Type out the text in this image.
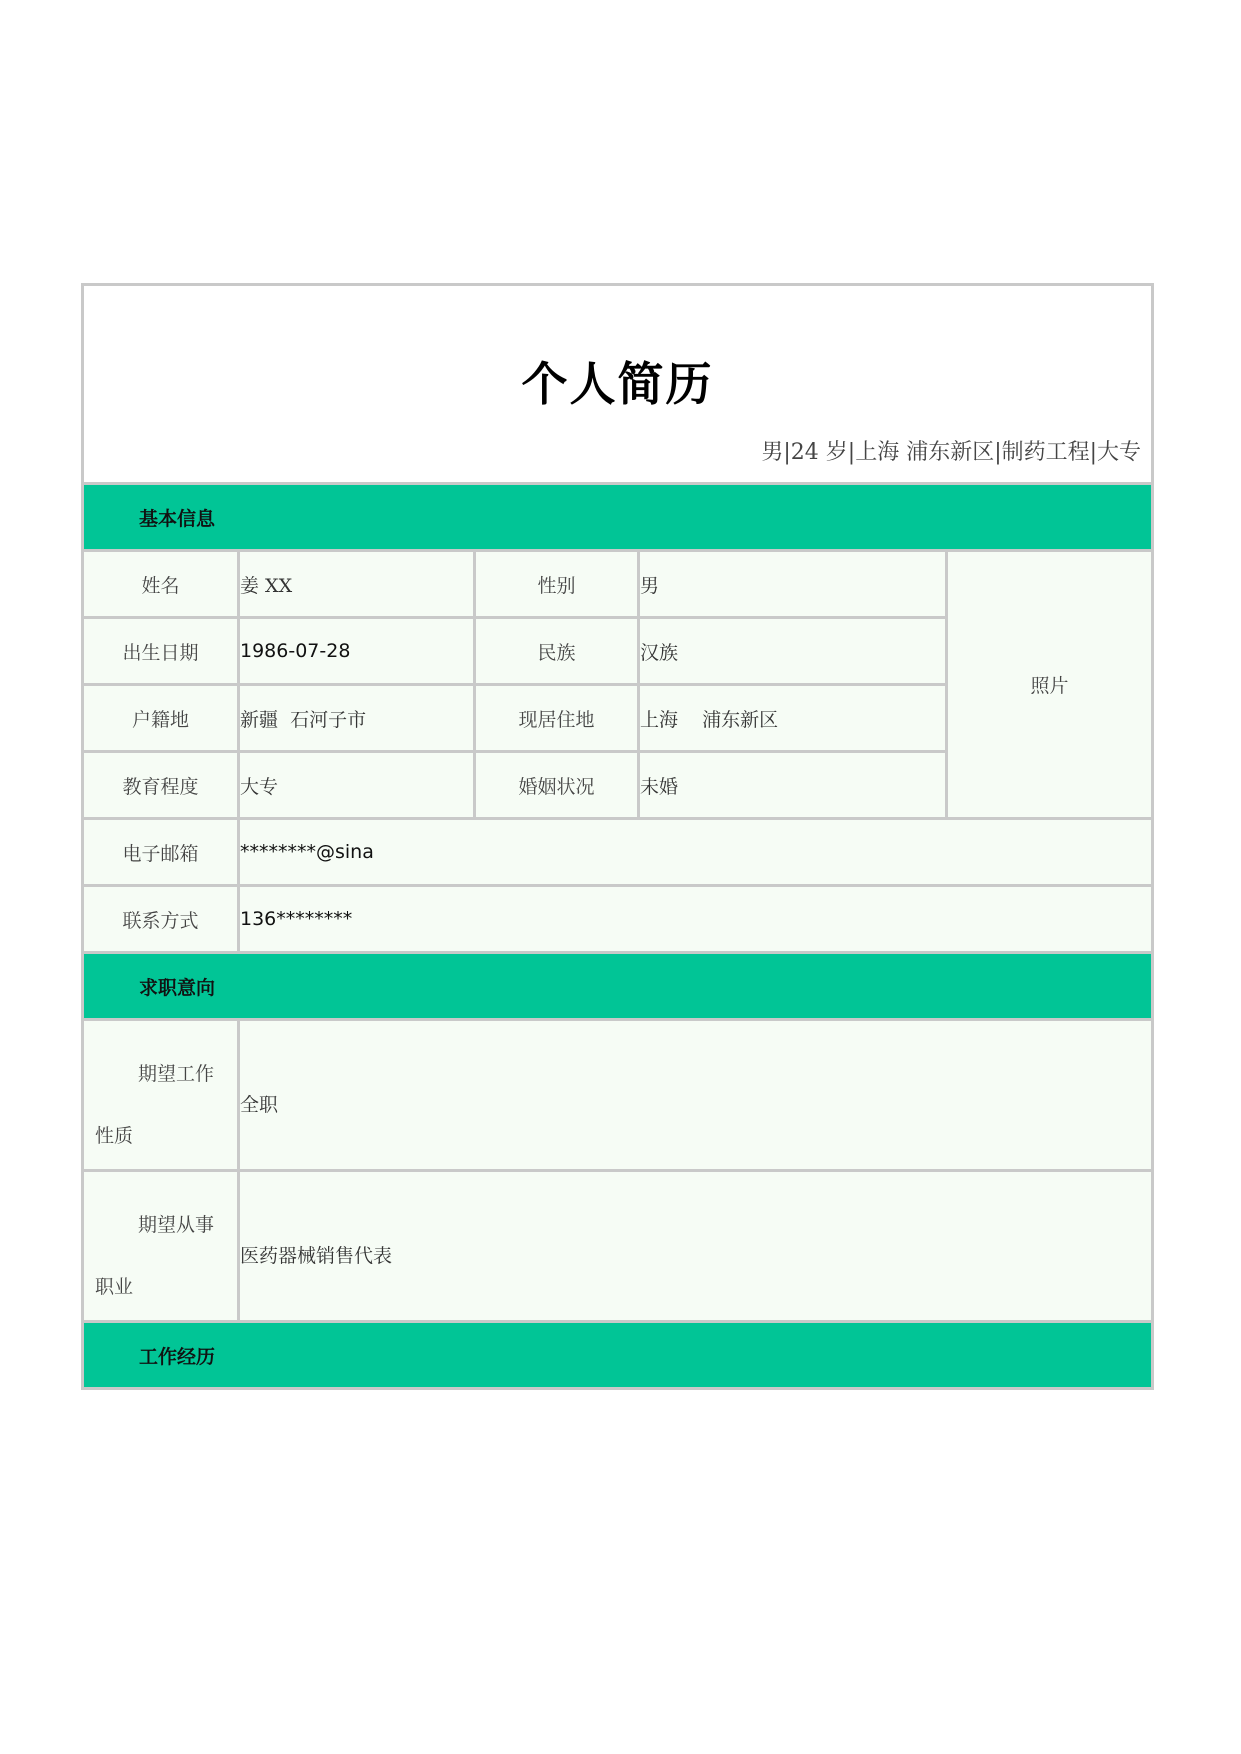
个人简历
男|24 岁|上海 浦东新区|制药工程|大专				

基本信息				
姓名	姜 XX	性别	男	照片
出生日期	1986-07-28	民族	汉族	
户籍地	新疆  石河子市	现居住地	上海    浦东新区	
教育程度	大专	婚姻状况	未婚	
电子邮箱	********@sina			
联系方式	136********			
求职意向				

期望工作
性质	全职			

期望从事
职业	医药器械销售代表			
工作经历				
